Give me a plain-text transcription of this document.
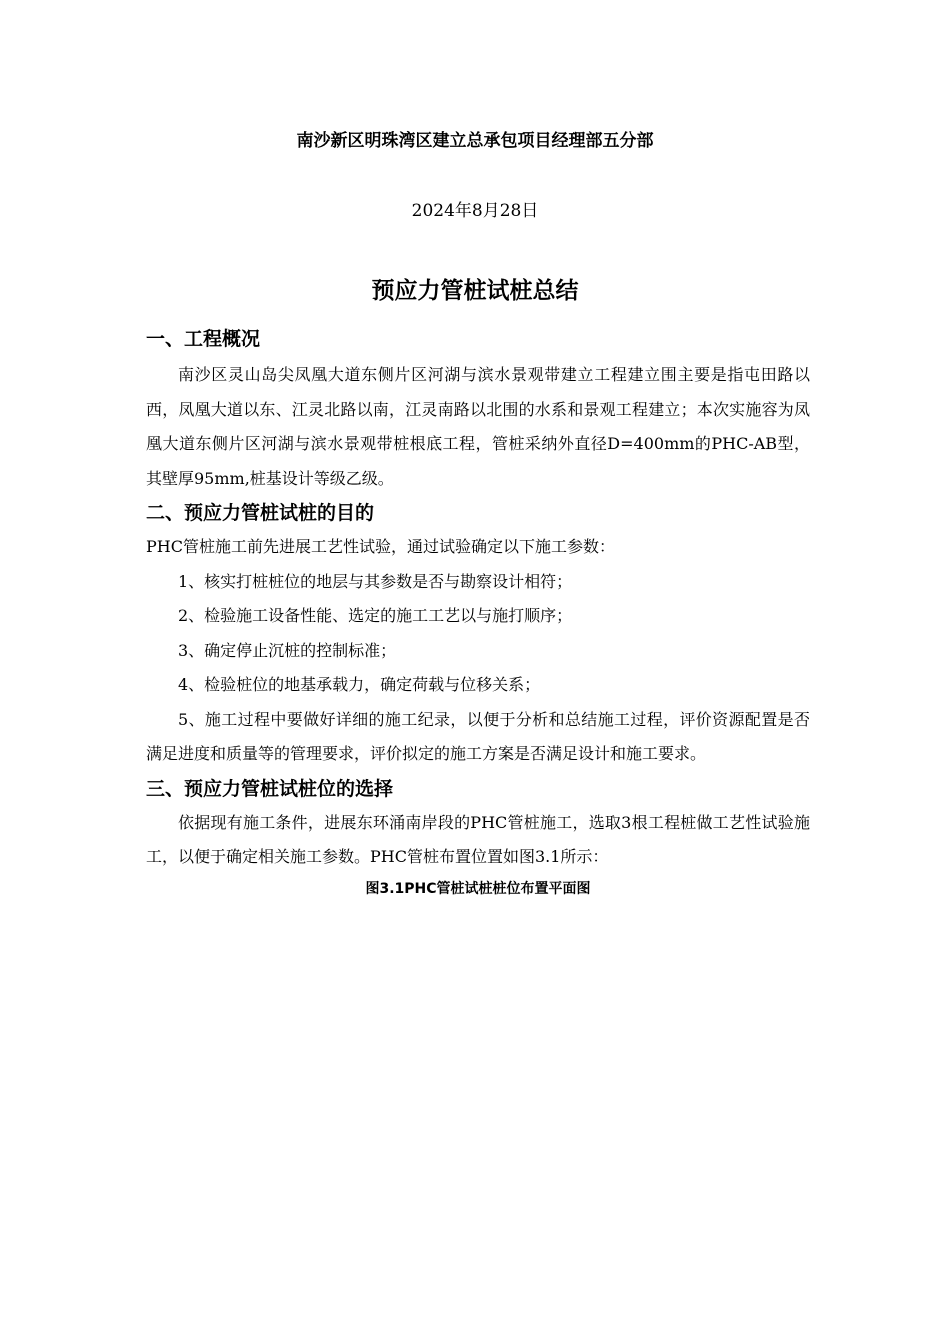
南沙新区明珠湾区建立总承包项目经理部五分部
2024年8月28日
预应力管桩试桩总结
一、工程概况
南沙区灵山岛尖凤凰大道东侧片区河湖与滨水景观带建立工程建立围主要是指屯田路以西，凤凰大道以东、江灵北路以南，江灵南路以北围的水系和景观工程建立；本次实施容为凤凰大道东侧片区河湖与滨水景观带桩根底工程，管桩采纳外直径D=400mm的PHC-AB型，其壁厚95mm,桩基设计等级乙级。
二、预应力管桩试桩的目的
PHC管桩施工前先进展工艺性试验，通过试验确定以下施工参数：
1、核实打桩桩位的地层与其参数是否与勘察设计相符；
2、检验施工设备性能、选定的施工工艺以与施打顺序；
3、确定停止沉桩的控制标准；
4、检验桩位的地基承载力，确定荷载与位移关系；
5、施工过程中要做好详细的施工纪录，以便于分析和总结施工过程，评价资源配置是否满足进度和质量等的管理要求，评价拟定的施工方案是否满足设计和施工要求。
三、预应力管桩试桩位的选择
依据现有施工条件，进展东环涌南岸段的PHC管桩施工，选取3根工程桩做工艺性试验施工，以便于确定相关施工参数。PHC管桩布置位置如图3.1所示：
图3.1PHC管桩试桩桩位布置平面图
